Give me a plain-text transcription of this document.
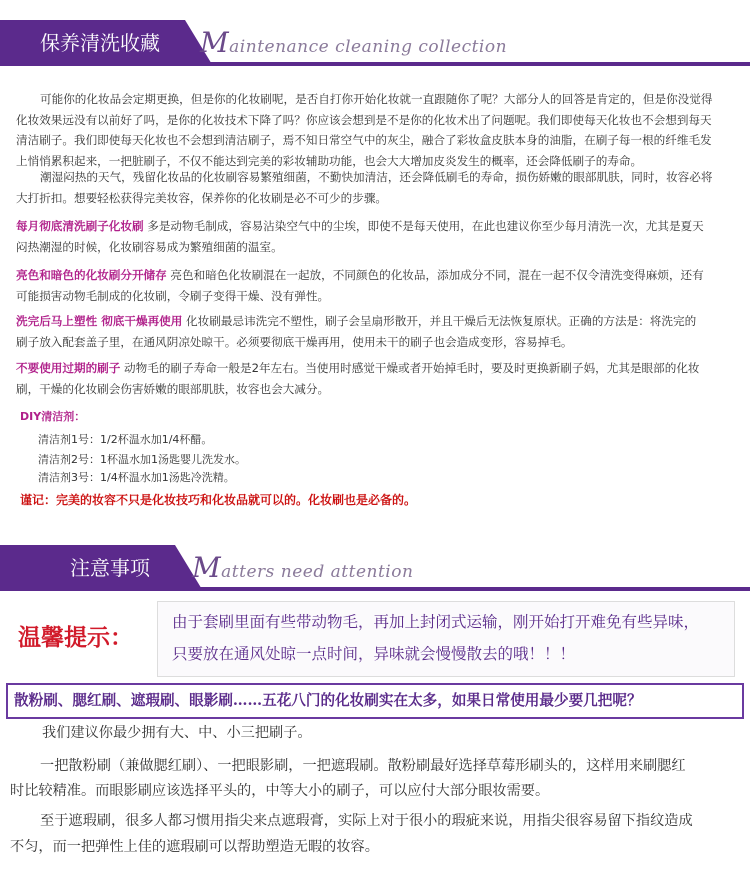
保养清洗收藏	Maintenance cleaning collection
可能你的化妆品会定期更换，但是你的化妆刷呢，是否自打你开始化妆就一直跟随你了呢？大部分人的回答是肯定的，但是你没觉得
化妆效果远没有以前好了吗，是你的化妆技术下降了吗？你应该会想到是不是你的化妆术出了问题呢。我们即使每天化妆也不会想到每天
清洁刷子。我们即使每天化妆也不会想到清洁刷子，焉不知日常空气中的灰尘，融合了彩妆盒皮肤本身的油脂，在刷子每一根的纤维毛发
上悄悄累积起来，一把脏刷子，不仅不能达到完美的彩妆辅助功能，也会大大增加皮炎发生的概率，还会降低刷子的寿命。
潮湿闷热的天气，残留化妆品的化妆刷容易繁殖细菌，不勤快加清洁，还会降低刷毛的寿命，损伤娇嫩的眼部肌肤，同时，妆容必将
大打折扣。想要轻松获得完美妆容，保养你的化妆刷是必不可少的步骤。
每月彻底清洗刷子化妆刷 多是动物毛制成，容易沾染空气中的尘埃，即使不是每天使用，在此也建议你至少每月清洗一次，尤其是夏天
闷热潮湿的时候，化妆刷容易成为繁殖细菌的温室。
亮色和暗色的化妆刷分开储存 亮色和暗色化妆刷混在一起放，不同颜色的化妆品，添加成分不同，混在一起不仅令清洗变得麻烦，还有
可能损害动物毛制成的化妆刷，令刷子变得干燥、没有弹性。
洗完后马上塑性 彻底干燥再使用 化妆刷最忌讳洗完不塑性，刷子会呈扇形散开，并且干燥后无法恢复原状。正确的方法是：将洗完的
刷子放入配套盖子里，在通风阴凉处晾干。必须要彻底干燥再用，使用未干的刷子也会造成变形，容易掉毛。
不要使用过期的刷子 动物毛的刷子寿命一般是2年左右。当使用时感觉干燥或者开始掉毛时，要及时更换新刷子妈，尤其是眼部的化妆
刷，干燥的化妆刷会伤害娇嫩的眼部肌肤，妆容也会大减分。
DIY清洁剂：
清洁剂1号：1/2杯温水加1/4杯醋。
清洁剂2号：1杯温水加1汤匙婴儿洗发水。
清洁剂3号：1/4杯温水加1汤匙冷洗精。
谨记：完美的妆容不只是化妆技巧和化妆品就可以的。化妆刷也是必备的。
注意事项	Matters need attention
温馨提示：

由于套刷里面有些带动物毛，再加上封闭式运输，刚开始打开难免有些异味，

只要放在通风处晾一点时间，异味就会慢慢散去的哦！！！

散粉刷、腮红刷、遮瑕刷、眼影刷……五花八门的化妆刷实在太多，如果日常使用最少要几把呢？
我们建议你最少拥有大、中、小三把刷子。
一把散粉刷（兼做腮红刷）、一把眼影刷，一把遮瑕刷。散粉刷最好选择草莓形刷头的，这样用来刷腮红
时比较精准。而眼影刷应该选择平头的，中等大小的刷子，可以应付大部分眼妆需要。
至于遮瑕刷，很多人都习惯用指尖来点遮瑕膏，实际上对于很小的瑕疵来说，用指尖很容易留下指纹造成
不匀，而一把弹性上佳的遮瑕刷可以帮助塑造无暇的妆容。
